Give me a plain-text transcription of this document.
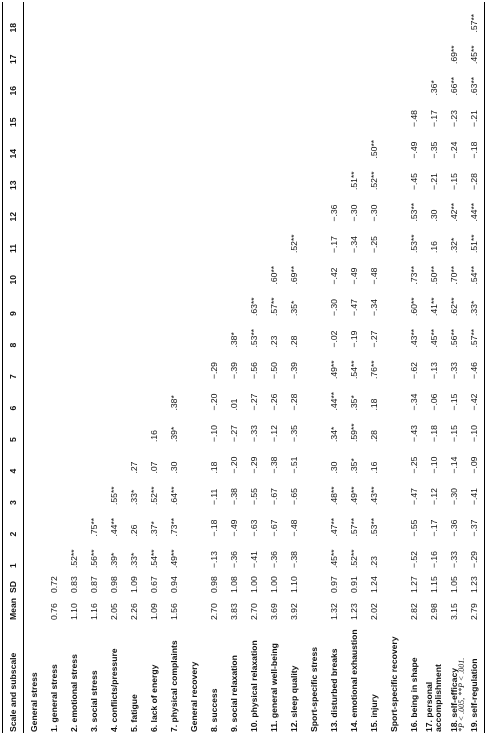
Scale and subscale	Mean	SD	1	2	3	4	5	6	7	8	9	10	11	12	13	14	15	16	17	18
General stress																				
1. general stress	0.76	0.72																		
2. emotional stress	1.10	0.83	.52**																	
3. social stress	1.16	0.87	.56**	.75**																
4. conflicts/pressure	2.05	0.98	.39*	.44**	.55**															
5. fatigue	2.26	1.09	.33*	.26	.33*	.27														
6. lack of energy	1.09	0.67	.54**	.37*	.52**	.07	.16													
7. physical complaints	1.56	0.94	.49**	.73**	.64**	.30	.39*	.38*												
General recovery																				
8. success	2.70	0.98	−.13	−.18	−.11	.18	−.10	−.20	−.29											
9. social relaxation	3.83	1.08	−.36	−.49	−.38	−.20	−.27	.01	−.39	.38*										
10. physical relaxation	2.70	1.00	−.41	−.63	−.55	−.29	−.33	−.27	−.56	.53**	.63**									
11. general well-being	3.69	1.00	−.36	−.67	−.67	−.38	−.12	−.26	−.50	.23	.57**	.60**								
12. sleep quality	3.92	1.10	−.38	−.48	−.65	−.51	−.35	−.28	−.39	.28	.35*	.69**	.52**							
Sport-specific stress																				
13. disturbed breaks	1.32	0.97	.45**	.47**	.48**	.30	.34*	.44**	.49**	−.02	−.30	−.42	−.17	−.36						
14. emotional exhaustion	1.23	0.91	.52**	.57**	.49**	.35*	.59**	.35*	.54**	−.19	−.47	−.49	−.34	−.30	.51**					
15. injury	2.02	1.24	.23	.53**	.43**	.16	.28	.18	.76**	−.27	−.34	−.48	−.25	−.30	.52**	.50**				
Sport-specific recovery																				
16. being in shape	2.82	1.27	−.52	−.55	−.47	−.25	−.43	−.34	−.62	.43**	.60**	.73**	.53**	.53**	−.45	−.49	−.48			
17. personal accomplishment	2.98	1.15	−.16	−.17	−.12	−.10	−.18	−.06	−.13	.45**	.41**	.50**	.16	.30	−.21	−.35	−.17	.36*		
18. self-efficacy	3.15	1.05	−.33	−.36	−.30	−.14	−.15	−.15	−.33	.56**	.62**	.70**	.32*	.42**	−.15	−.24	−.23	.66**	.69**	
19. self-regulation	2.79	1.23	−.29	−.37	−.41	−.09	−.10	−.42	−.46	.57**	.33*	.54**	.51**	.44**	−.28	−.18	−.21	.63**	.45**	.57**
*P < .005, **P < .001.
